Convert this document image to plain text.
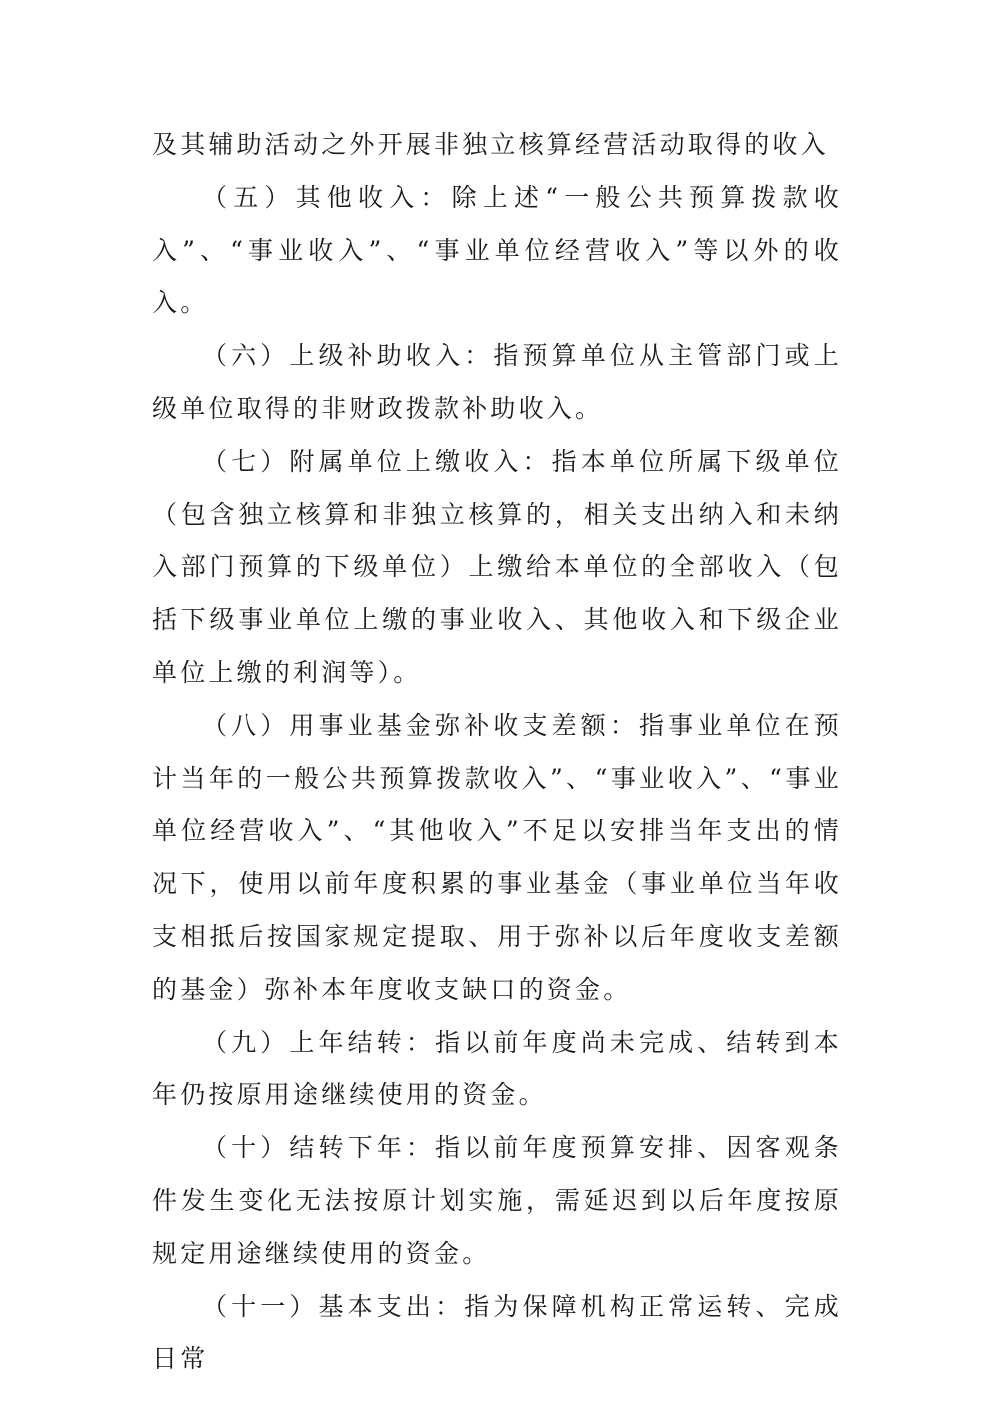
及其辅助活动之外开展非独立核算经营活动取得的收入

（五）其他收入：除上述“一般公共预算拨款收入”、“事业收入”、“事业单位经营收入”等以外的收入。

（六）上级补助收入：指预算单位从主管部门或上级单位取得的非财政拨款补助收入。

（七）附属单位上缴收入：指本单位所属下级单位（包含独立核算和非独立核算的，相关支出纳入和未纳入部门预算的下级单位）上缴给本单位的全部收入（包括下级事业单位上缴的事业收入、其他收入和下级企业单位上缴的利润等）。

（八）用事业基金弥补收支差额：指事业单位在预计当年的一般公共预算拨款收入”、“事业收入”、“事业单位经营收入”、“其他收入”不足以安排当年支出的情况下，使用以前年度积累的事业基金（事业单位当年收支相抵后按国家规定提取、用于弥补以后年度收支差额的基金）弥补本年度收支缺口的资金。

（九）上年结转：指以前年度尚未完成、结转到本年仍按原用途继续使用的资金。

（十）结转下年：指以前年度预算安排、因客观条件发生变化无法按原计划实施，需延迟到以后年度按原规定用途继续使用的资金。

（十一）基本支出：指为保障机构正常运转、完成日常
